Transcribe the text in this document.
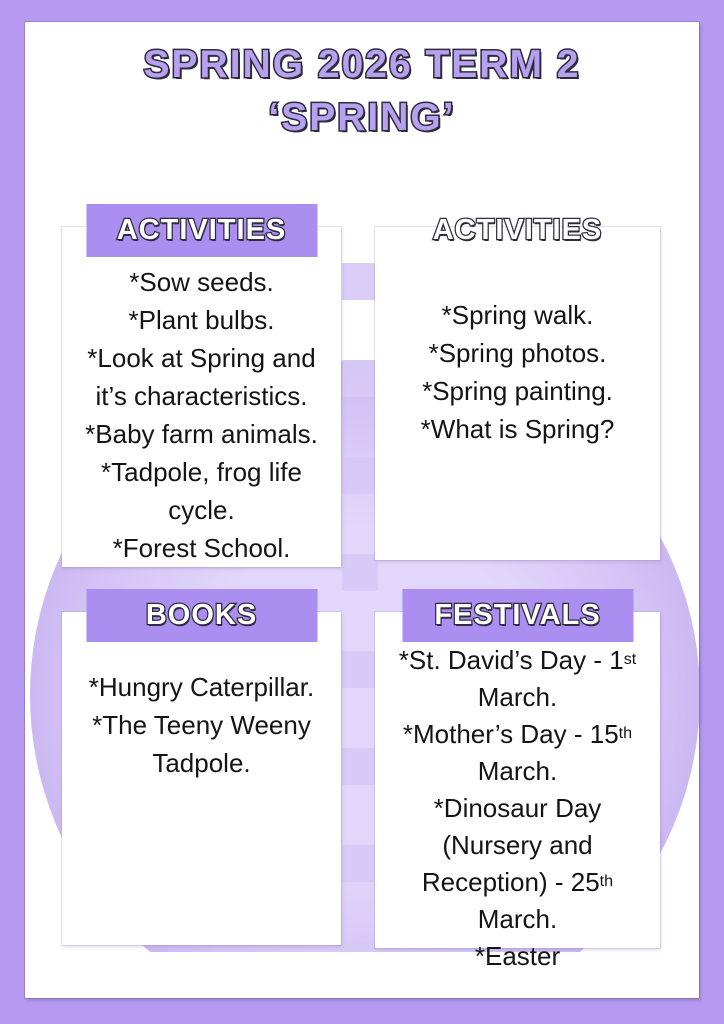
SPRING 2026 TERM 2
‘SPRING’
ACTIVITIES
*Sow seeds.
*Plant bulbs.
*Look at Spring and
it’s characteristics.
*Baby farm animals.
*Tadpole, frog life
cycle.
*Forest School.
ACTIVITIES
*Spring walk.
*Spring photos.
*Spring painting.
*What is Spring?
BOOKS
*Hungry Caterpillar.
*The Teeny Weeny
Tadpole.
FESTIVALS
*St. David’s Day - 1st
March.
*Mother’s Day - 15th
March.
*Dinosaur Day
(Nursery and
Reception) - 25th
March.
*Easter
